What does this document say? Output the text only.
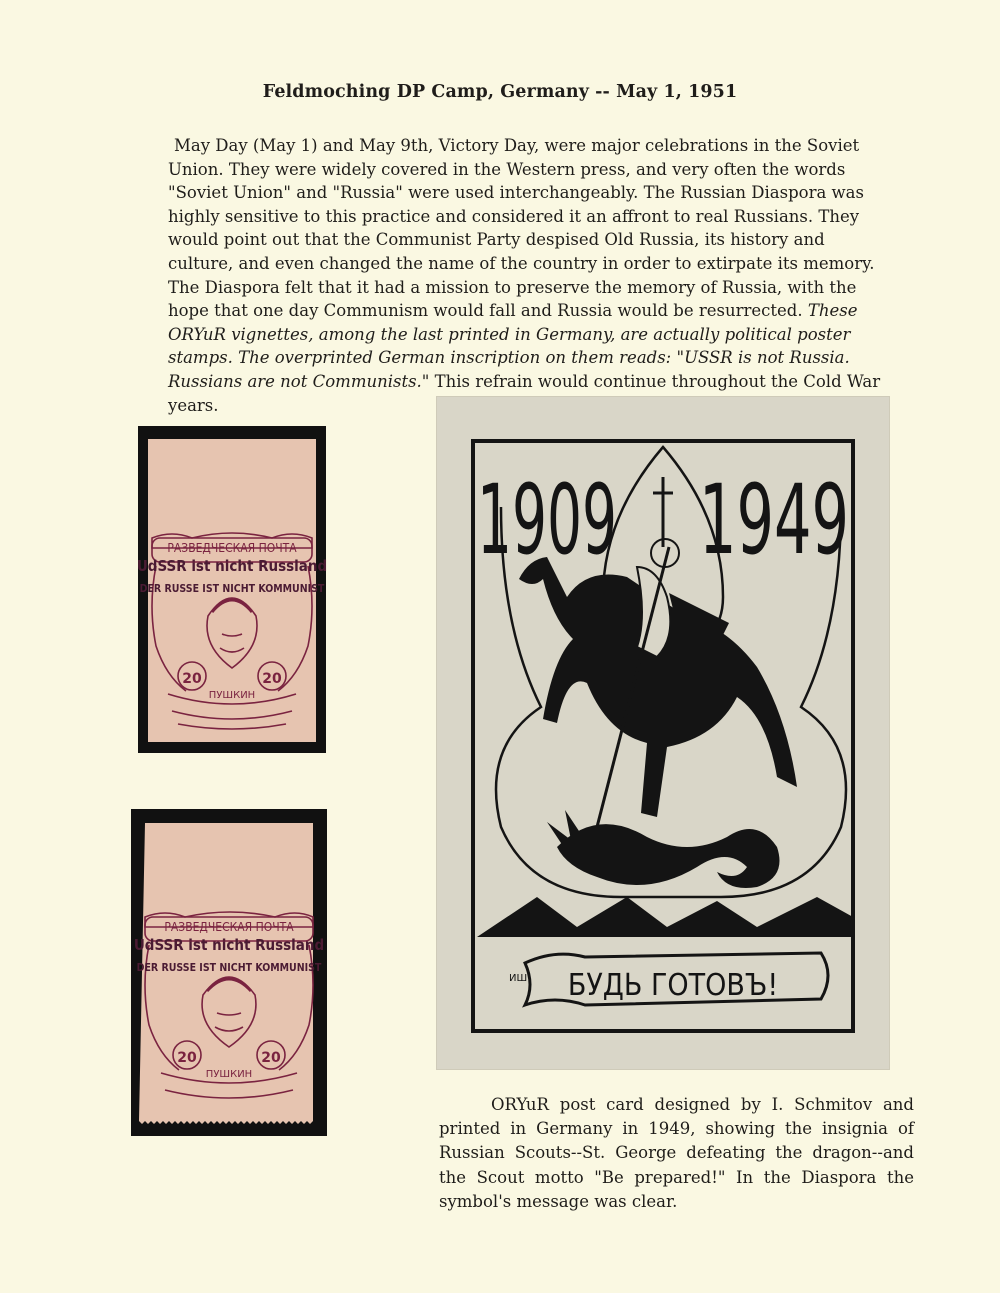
Feldmoching DP Camp, Germany -- May 1, 1951

May Day (May 1) and May 9th, Victory Day, were major celebrations in the Soviet Union. They were widely covered in the Western press, and very often the words "Soviet Union" and "Russia" were used interchangeably. The Russian Diaspora was highly sensitive to this practice and considered it an affront to real Russians. They would point out that the Communist Party despised Old Russia, its history and culture, and even changed the name of the country in order to extirpate its memory. The Diaspora felt that it had a mission to preserve the memory of Russia, with the hope that one day Communism would fall and Russia would be resurrected. These ORYuR vignettes, among the last printed in Germany, are actually political poster stamps. The overprinted German inscription on them reads: "USSR is not Russia. Russians are not Communists." This refrain would continue throughout the Cold War years.

РАЗВЕДЧЕСКАЯ ПОЧТА
UdSSR ist nicht Russland
DER RUSSE IST NICHT KOMMUNIST
20	20
ПУШКИН
РАЗВЕДЧЕСКАЯ ПОЧТА
UdSSR ist nicht Russland
DER RUSSE IST NICHT KOMMUNIST
20	20
ПУШКИН
1909 1949
БУДЬ ГОТОВЪ!
ИШ
ORYuR post card designed by I. Schmitov and printed in Germany in 1949, showing the insignia of Russian Scouts--St. George defeating the dragon--and the Scout motto "Be prepared!" In the Diaspora the symbol's message was clear.
